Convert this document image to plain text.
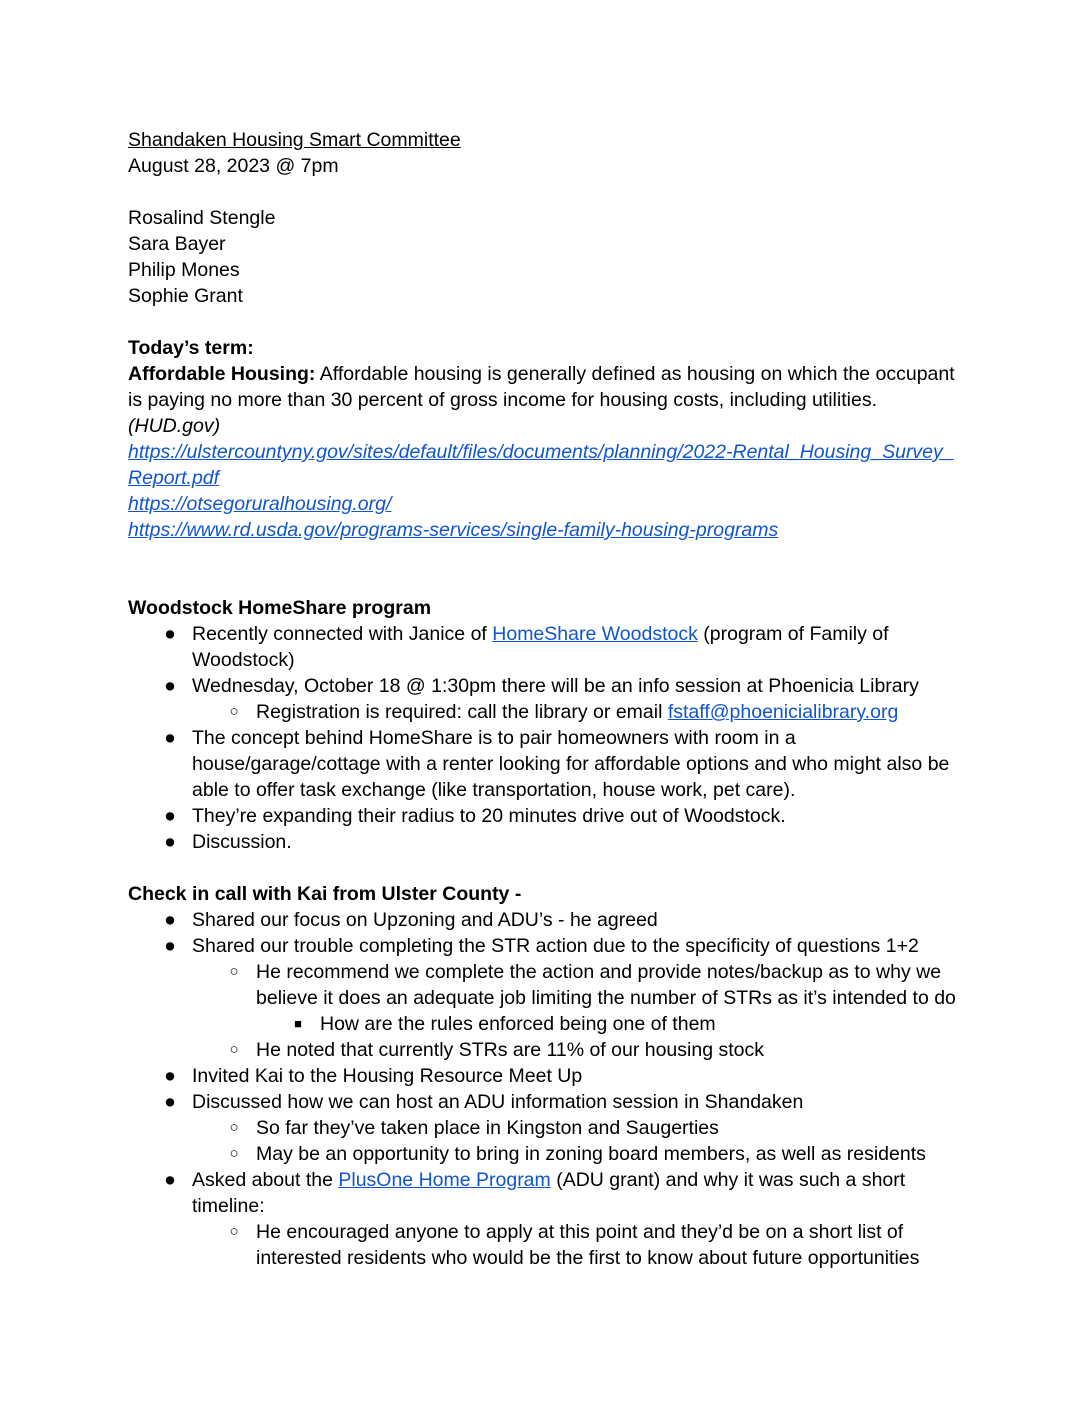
Shandaken Housing Smart Committee
August 28, 2023 @ 7pm
Rosalind Stengle
Sara Bayer
Philip Mones
Sophie Grant
Today’s term:
Affordable Housing: Affordable housing is generally defined as housing on which the occupant
is paying no more than 30 percent of gross income for housing costs, including utilities.
(HUD.gov)
https://ulstercountyny.gov/sites/default/files/documents/planning/2022-Rental_Housing_Survey_
Report.pdf
https://otsegoruralhousing.org/
https://www.rd.usda.gov/programs-services/single-family-housing-programs
Woodstock HomeShare program
● Recently connected with Janice of HomeShare Woodstock (program of Family of
Woodstock)
● Wednesday, October 18 @ 1:30pm there will be an info session at Phoenicia Library
○ Registration is required: call the library or email fstaff@phoenicialibrary.org
● The concept behind HomeShare is to pair homeowners with room in a
house/garage/cottage with a renter looking for affordable options and who might also be
able to offer task exchange (like transportation, house work, pet care).
● They’re expanding their radius to 20 minutes drive out of Woodstock.
● Discussion.
Check in call with Kai from Ulster County -
● Shared our focus on Upzoning and ADU’s - he agreed
● Shared our trouble completing the STR action due to the specificity of questions 1+2
○ He recommend we complete the action and provide notes/backup as to why we
believe it does an adequate job limiting the number of STRs as it’s intended to do
■ How are the rules enforced being one of them
○ He noted that currently STRs are 11% of our housing stock
● Invited Kai to the Housing Resource Meet Up
● Discussed how we can host an ADU information session in Shandaken
○ So far they’ve taken place in Kingston and Saugerties
○ May be an opportunity to bring in zoning board members, as well as residents
● Asked about the PlusOne Home Program (ADU grant) and why it was such a short
timeline:
○ He encouraged anyone to apply at this point and they’d be on a short list of
interested residents who would be the first to know about future opportunities
